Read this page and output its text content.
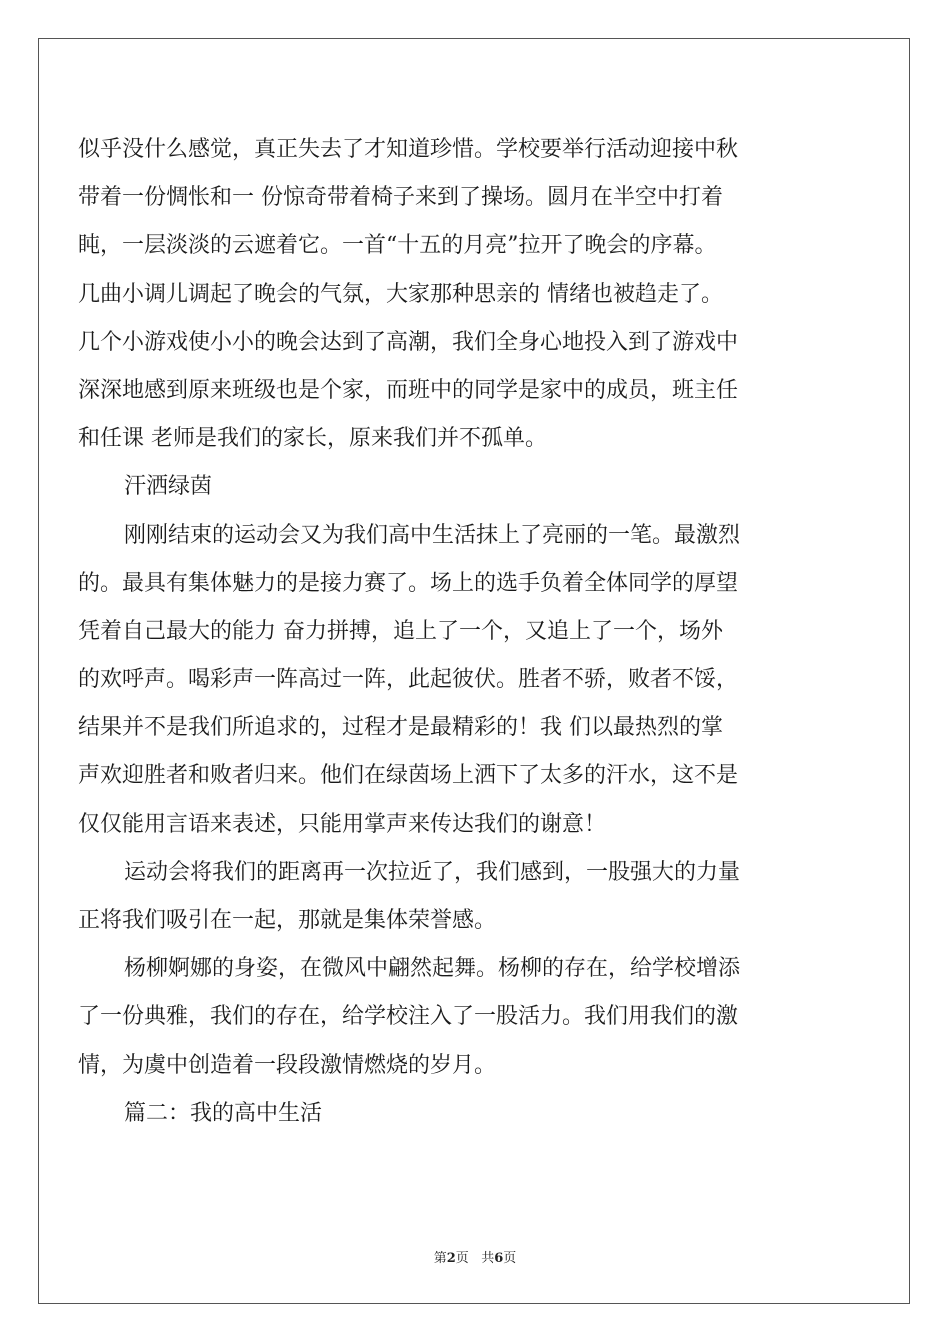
似乎没什么感觉，真正失去了才知道珍惜。学校要举行活动迎接中秋
带着一份惆怅和一 份惊奇带着椅子来到了操场。圆月在半空中打着
盹，一层淡淡的云遮着它。一首“十五的月亮”拉开了晚会的序幕。
几曲小调儿调起了晚会的气氛，大家那种思亲的 情绪也被趋走了。
几个小游戏使小小的晚会达到了高潮，我们全身心地投入到了游戏中
深深地感到原来班级也是个家，而班中的同学是家中的成员，班主任
和任课 老师是我们的家长，原来我们并不孤单。
汗洒绿茵
刚刚结束的运动会又为我们高中生活抹上了亮丽的一笔。最激烈
的。最具有集体魅力的是接力赛了。场上的选手负着全体同学的厚望
凭着自己最大的能力 奋力拼搏，追上了一个，又追上了一个，场外
的欢呼声。喝彩声一阵高过一阵，此起彼伏。胜者不骄，败者不馁，
结果并不是我们所追求的，过程才是最精彩的！我 们以最热烈的掌
声欢迎胜者和败者归来。他们在绿茵场上洒下了太多的汗水，这不是
仅仅能用言语来表述，只能用掌声来传达我们的谢意！
运动会将我们的距离再一次拉近了，我们感到，一股强大的力量
正将我们吸引在一起，那就是集体荣誉感。
杨柳婀娜的身姿，在微风中翩然起舞。杨柳的存在，给学校增添
了一份典雅，我们的存在，给学校注入了一股活力。我们用我们的激
情，为虞中创造着一段段激情燃烧的岁月。
篇二：我的高中生活
第2页 共6页
